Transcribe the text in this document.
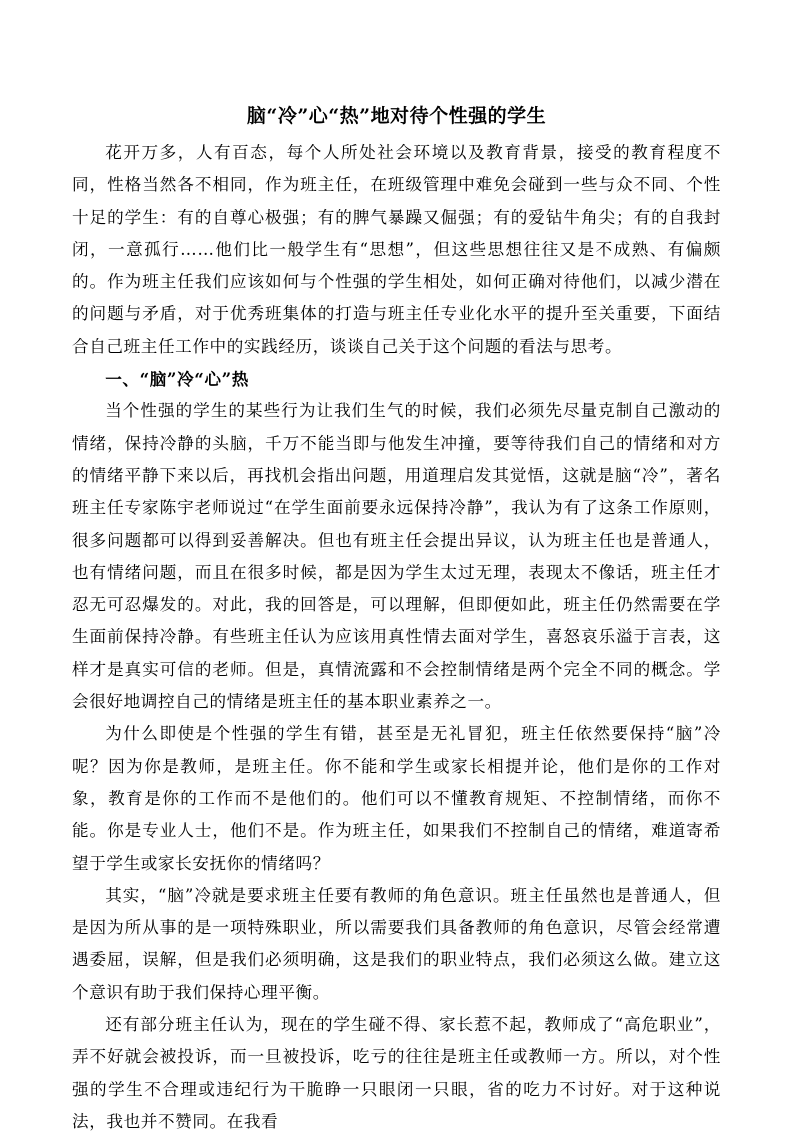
脑“冷”心“热”地对待个性强的学生

花开万多，人有百态，每个人所处社会环境以及教育背景，接受的教育程度不同，性格当然各不相同，作为班主任，在班级管理中难免会碰到一些与众不同、个性十足的学生：有的自尊心极强；有的脾气暴躁又倔强；有的爱钻牛角尖；有的自我封闭，一意孤行……他们比一般学生有“思想”，但这些思想往往又是不成熟、有偏颇的。作为班主任我们应该如何与个性强的学生相处，如何正确对待他们，以减少潜在的问题与矛盾，对于优秀班集体的打造与班主任专业化水平的提升至关重要，下面结合自己班主任工作中的实践经历，谈谈自己关于这个问题的看法与思考。

一、“脑”冷“心”热

当个性强的学生的某些行为让我们生气的时候，我们必须先尽量克制自己激动的情绪，保持冷静的头脑，千万不能当即与他发生冲撞，要等待我们自己的情绪和对方的情绪平静下来以后，再找机会指出问题，用道理启发其觉悟，这就是脑“冷”，著名班主任专家陈宇老师说过“在学生面前要永远保持冷静”，我认为有了这条工作原则，很多问题都可以得到妥善解决。但也有班主任会提出异议，认为班主任也是普通人，也有情绪问题，而且在很多时候，都是因为学生太过无理，表现太不像话，班主任才忍无可忍爆发的。对此，我的回答是，可以理解，但即便如此，班主任仍然需要在学生面前保持冷静。有些班主任认为应该用真性情去面对学生，喜怒哀乐溢于言表，这样才是真实可信的老师。但是，真情流露和不会控制情绪是两个完全不同的概念。学会很好地调控自己的情绪是班主任的基本职业素养之一。

为什么即使是个性强的学生有错，甚至是无礼冒犯，班主任依然要保持“脑”冷呢？因为你是教师，是班主任。你不能和学生或家长相提并论，他们是你的工作对象，教育是你的工作而不是他们的。他们可以不懂教育规矩、不控制情绪，而你不能。你是专业人士，他们不是。作为班主任，如果我们不控制自己的情绪，难道寄希望于学生或家长安抚你的情绪吗？

其实，“脑”冷就是要求班主任要有教师的角色意识。班主任虽然也是普通人，但是因为所从事的是一项特殊职业，所以需要我们具备教师的角色意识，尽管会经常遭遇委屈，误解，但是我们必须明确，这是我们的职业特点，我们必须这么做。建立这个意识有助于我们保持心理平衡。

还有部分班主任认为，现在的学生碰不得、家长惹不起，教师成了“高危职业”，弄不好就会被投诉，而一旦被投诉，吃亏的往往是班主任或教师一方。所以，对个性强的学生不合理或违纪行为干脆睁一只眼闭一只眼，省的吃力不讨好。对于这种说法，我也并不赞同。在我看
